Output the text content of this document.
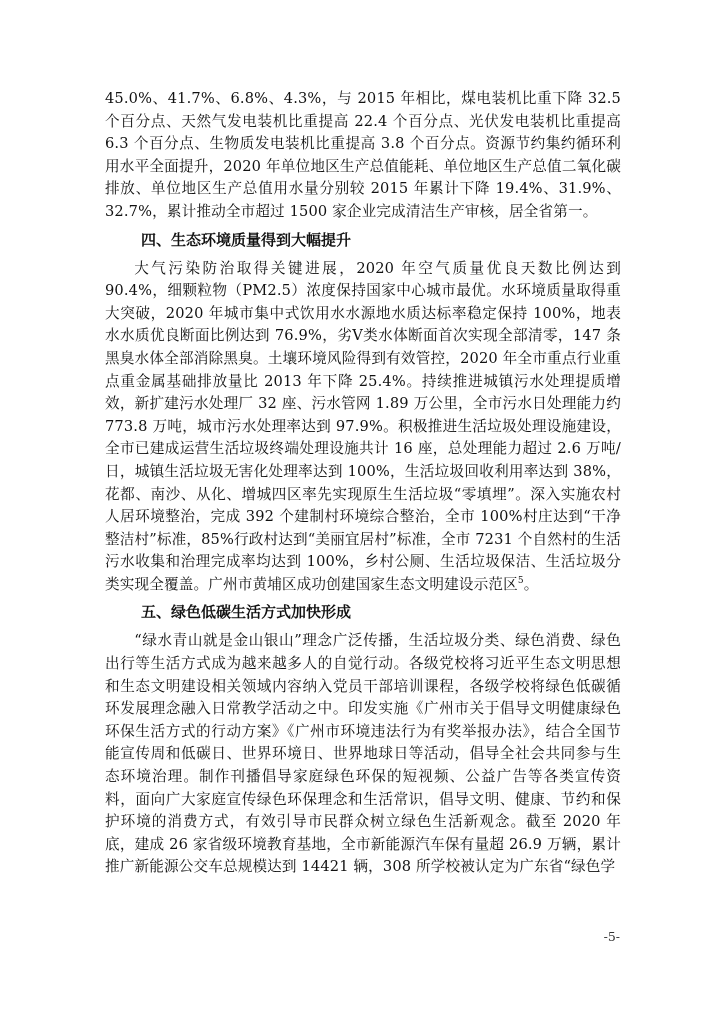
45.0%、41.7%、6.8%、4.3%，与 2015 年相比，煤电装机比重下降 32.5 个百分点、天然气发电装机比重提高 22.4 个百分点、光伏发电装机比重提高 6.3 个百分点、生物质发电装机比重提高 3.8 个百分点。资源节约集约循环利用水平全面提升，2020 年单位地区生产总值能耗、单位地区生产总值二氧化碳排放、单位地区生产总值用水量分别较 2015 年累计下降 19.4%、31.9%、32.7%，累计推动全市超过 1500 家企业完成清洁生产审核，居全省第一。

四、生态环境质量得到大幅提升

大气污染防治取得关键进展，2020 年空气质量优良天数比例达到 90.4%，细颗粒物（PM2.5）浓度保持国家中心城市最优。水环境质量取得重大突破，2020 年城市集中式饮用水水源地水质达标率稳定保持 100%，地表水水质优良断面比例达到 76.9%，劣Ⅴ类水体断面首次实现全部清零，147 条黑臭水体全部消除黑臭。土壤环境风险得到有效管控，2020 年全市重点行业重点重金属基础排放量比 2013 年下降 25.4%。持续推进城镇污水处理提质增效，新扩建污水处理厂 32 座、污水管网 1.89 万公里，全市污水日处理能力约 773.8 万吨，城市污水处理率达到 97.9%。积极推进生活垃圾处理设施建设，全市已建成运营生活垃圾终端处理设施共计 16 座，总处理能力超过 2.6 万吨/日，城镇生活垃圾无害化处理率达到 100%，生活垃圾回收利用率达到 38%，花都、南沙、从化、增城四区率先实现原生生活垃圾“零填埋”。深入实施农村人居环境整治，完成 392 个建制村环境综合整治，全市 100%村庄达到“干净整洁村”标准，85%行政村达到“美丽宜居村”标准，全市 7231 个自然村的生活污水收集和治理完成率均达到 100%，乡村公厕、生活垃圾保洁、生活垃圾分类实现全覆盖。广州市黄埔区成功创建国家生态文明建设示范区$^5$。

五、绿色低碳生活方式加快形成

“绿水青山就是金山银山”理念广泛传播，生活垃圾分类、绿色消费、绿色出行等生活方式成为越来越多人的自觉行动。各级党校将习近平生态文明思想和生态文明建设相关领域内容纳入党员干部培训课程，各级学校将绿色低碳循环发展理念融入日常教学活动之中。印发实施《广州市关于倡导文明健康绿色环保生活方式的行动方案》《广州市环境违法行为有奖举报办法》，结合全国节能宣传周和低碳日、世界环境日、世界地球日等活动，倡导全社会共同参与生态环境治理。制作刊播倡导家庭绿色环保的短视频、公益广告等各类宣传资料，面向广大家庭宣传绿色环保理念和生活常识，倡导文明、健康、节约和保护环境的消费方式，有效引导市民群众树立绿色生活新观念。截至 2020 年底，建成 26 家省级环境教育基地，全市新能源汽车保有量超 26.9 万辆，累计推广新能源公交车总规模达到 14421 辆，308 所学校被认定为广东省“绿色学

-5-
